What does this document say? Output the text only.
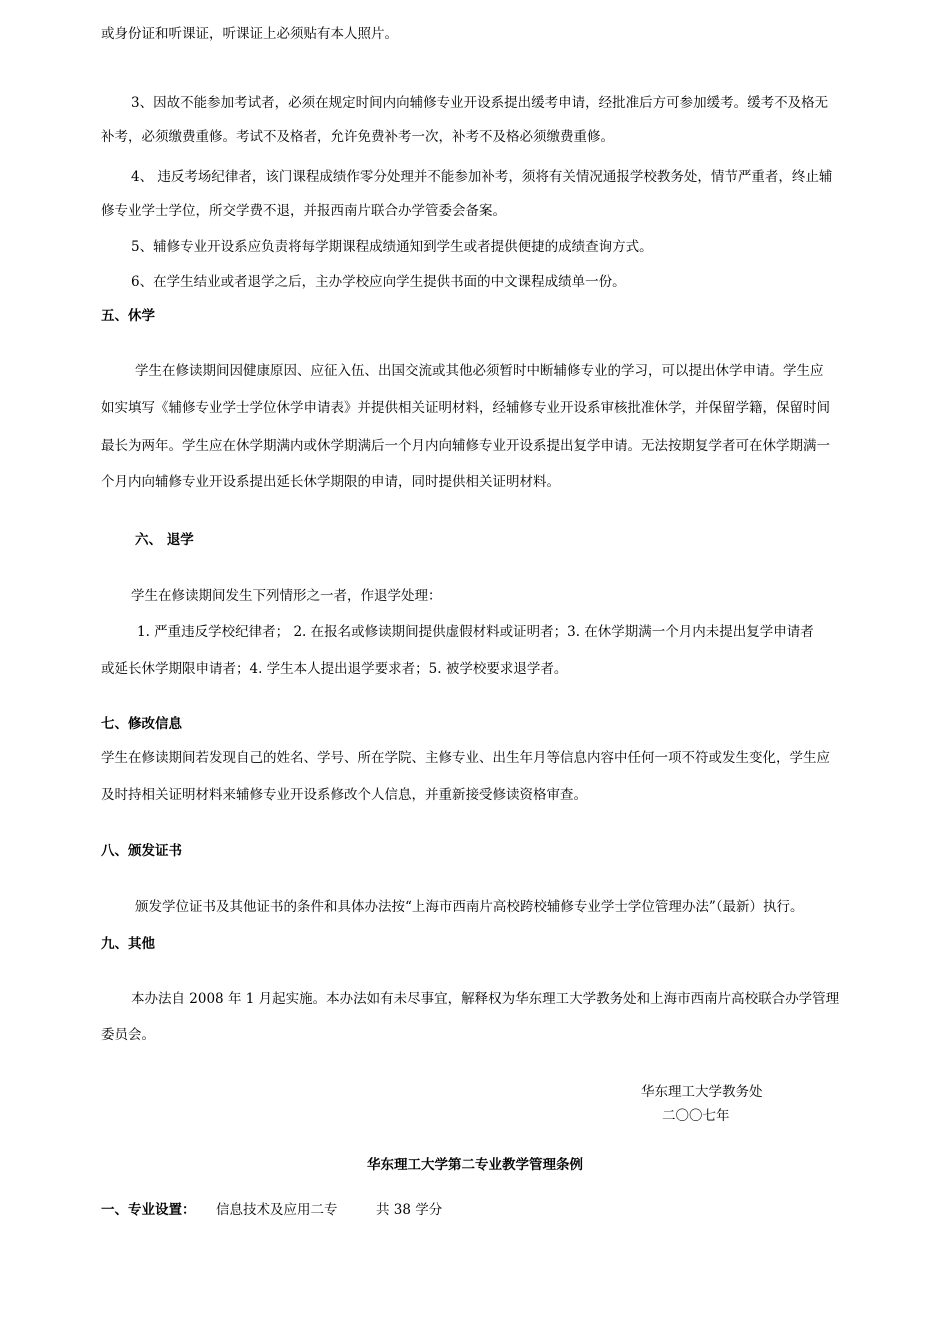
或身份证和听课证，听课证上必须贴有本人照片。
3、因故不能参加考试者，必须在规定时间内向辅修专业开设系提出缓考申请，经批准后方可参加缓考。缓考不及格无
补考，必须缴费重修。考试不及格者，允许免费补考一次，补考不及格必须缴费重修。
4、 违反考场纪律者，该门课程成绩作零分处理并不能参加补考，须将有关情况通报学校教务处，情节严重者，终止辅
修专业学士学位，所交学费不退，并报西南片联合办学管委会备案。
5、辅修专业开设系应负责将每学期课程成绩通知到学生或者提供便捷的成绩查询方式。
6、在学生结业或者退学之后，主办学校应向学生提供书面的中文课程成绩单一份。
五、休学
学生在修读期间因健康原因、应征入伍、出国交流或其他必须暂时中断辅修专业的学习，可以提出休学申请。学生应
如实填写《辅修专业学士学位休学申请表》并提供相关证明材料，经辅修专业开设系审核批准休学，并保留学籍，保留时间
最长为两年。学生应在休学期满内或休学期满后一个月内向辅修专业开设系提出复学申请。无法按期复学者可在休学期满一
个月内向辅修专业开设系提出延长休学期限的申请，同时提供相关证明材料。
六、 退学
学生在修读期间发生下列情形之一者，作退学处理：
1. 严重违反学校纪律者； 2. 在报名或修读期间提供虚假材料或证明者；3. 在休学期满一个月内未提出复学申请者
或延长休学期限申请者；4. 学生本人提出退学要求者；5. 被学校要求退学者。
七、修改信息
学生在修读期间若发现自己的姓名、学号、所在学院、主修专业、出生年月等信息内容中任何一项不符或发生变化，学生应
及时持相关证明材料来辅修专业开设系修改个人信息，并重新接受修读资格审查。
八、颁发证书
颁发学位证书及其他证书的条件和具体办法按“上海市西南片高校跨校辅修专业学士学位管理办法”（最新）执行。
九、其他
本办法自 2008 年 1 月起实施。本办法如有未尽事宜，解释权为华东理工大学教务处和上海市西南片高校联合办学管理
委员会。
华东理工大学教务处
二〇〇七年
华东理工大学第二专业教学管理条例
一、专业设置： 信息技术及应用二专	共 38 学分
